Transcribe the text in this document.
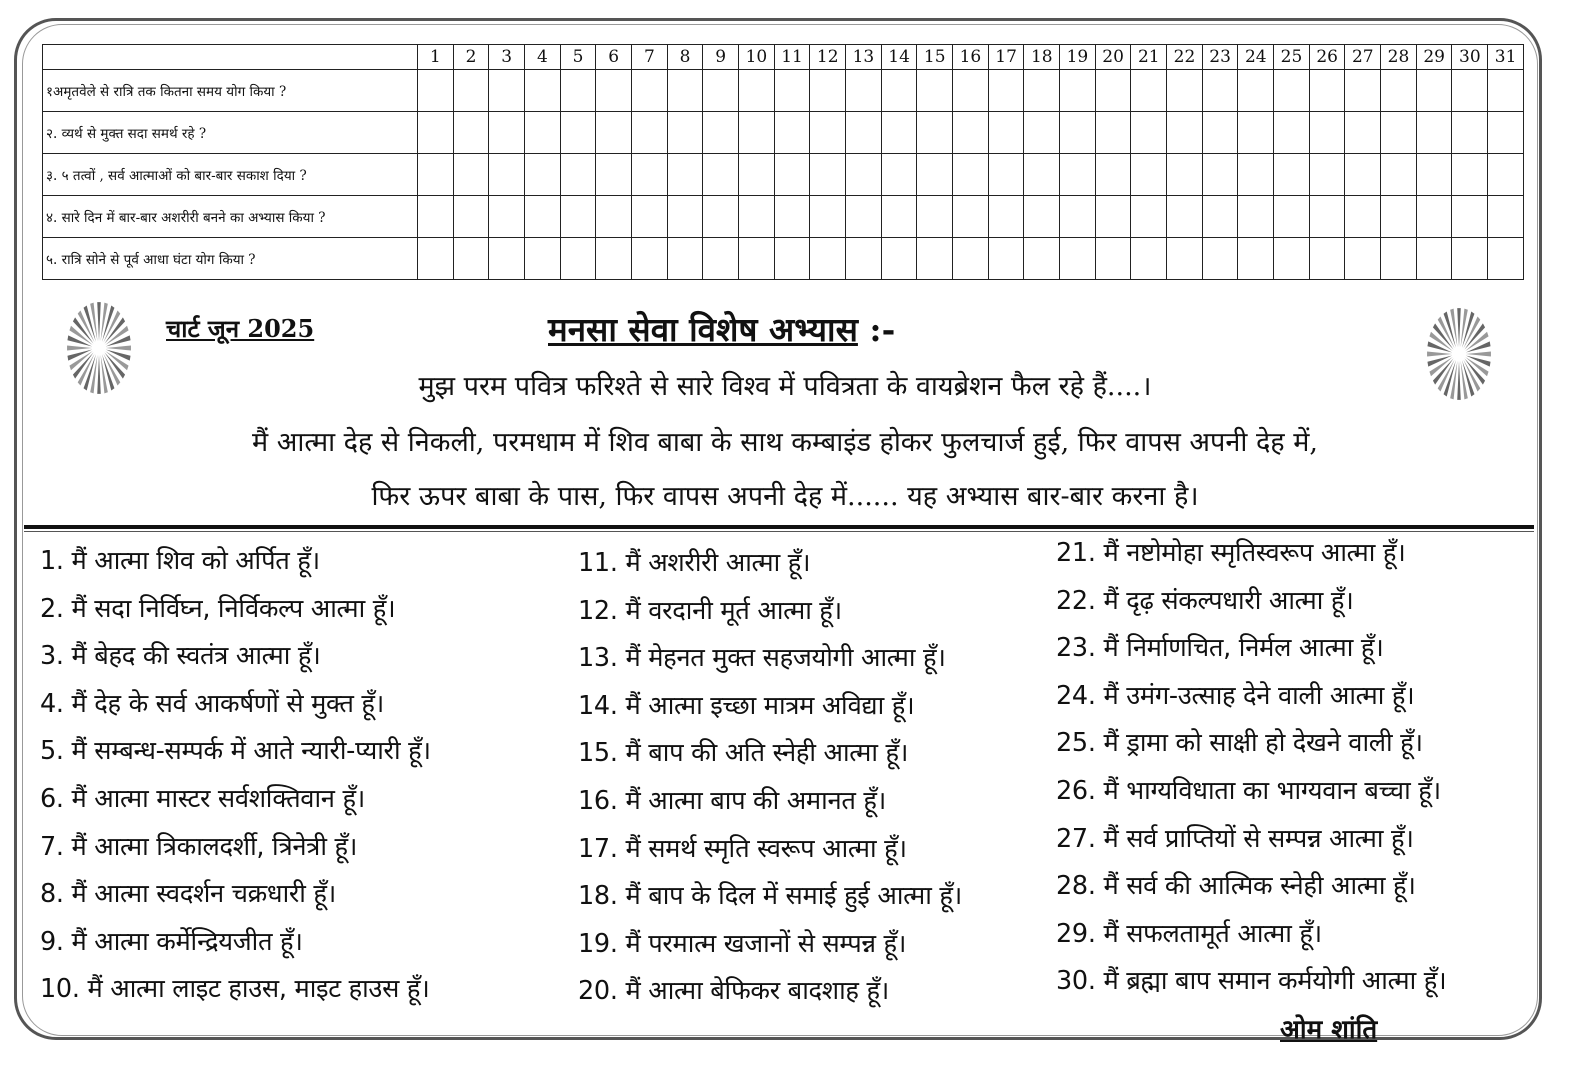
	1	2	3	4	5	6	7	8	9	10	11	12	13	14	15	16	17	18	19	20	21	22	23	24	25	26	27	28	29	30	31
१अमृतवेले से रात्रि तक कितना समय योग किया ?																															
२. व्यर्थ से मुक्त सदा समर्थ रहे ?																															
३. ५ तत्वों , सर्व आत्माओं को बार-बार सकाश दिया ?																															
४. सारे दिन में बार-बार अशरीरी बनने का अभ्यास किया ?																															
५. रात्रि सोने से पूर्व आधा घंटा योग किया ?																															
चार्ट जून 2025	मनसा सेवा विशेष अभ्यास :-
मुझ परम पवित्र फरिश्ते से सारे विश्व में पवित्रता के वायब्रेशन फैल रहे हैं....।
मैं आत्मा देह से निकली, परमधाम में शिव बाबा के साथ कम्बाइंड होकर फुलचार्ज हुई, फिर वापस अपनी देह में,
फिर ऊपर बाबा के पास, फिर वापस अपनी देह में...... यह अभ्यास बार-बार करना है।
1. मैं आत्मा शिव को अर्पित हूँ।
2. मैं सदा निर्विघ्न, निर्विकल्प आत्मा हूँ।
3. मैं बेहद की स्वतंत्र आत्मा हूँ।
4. मैं देह के सर्व आकर्षणों से मुक्त हूँ।
5. मैं सम्बन्ध-सम्पर्क में आते न्यारी-प्यारी हूँ।
6. मैं आत्मा मास्टर सर्वशक्तिवान हूँ।
7. मैं आत्मा त्रिकालदर्शी, त्रिनेत्री हूँ।
8. मैं आत्मा स्वदर्शन चक्रधारी हूँ।
9. मैं आत्मा कर्मेन्द्रियजीत हूँ।
10. मैं आत्मा लाइट हाउस, माइट हाउस हूँ।
11. मैं अशरीरी आत्मा हूँ।
12. मैं वरदानी मूर्त आत्मा हूँ।
13. मैं मेहनत मुक्त सहजयोगी आत्मा हूँ।
14. मैं आत्मा इच्छा मात्रम अविद्या हूँ।
15. मैं बाप की अति स्नेही आत्मा हूँ।
16. मैं आत्मा बाप की अमानत हूँ।
17. मैं समर्थ स्मृति स्वरूप आत्मा हूँ।
18. मैं बाप के दिल में समाई हुई आत्मा हूँ।
19. मैं परमात्म खजानों से सम्पन्न हूँ।
20. मैं आत्मा बेफिकर बादशाह हूँ।
21. मैं नष्टोमोहा स्मृतिस्वरूप आत्मा हूँ।
22. मैं दृढ़ संकल्पधारी आत्मा हूँ।
23. मैं निर्माणचित, निर्मल आत्मा हूँ।
24. मैं उमंग-उत्साह देने वाली आत्मा हूँ।
25. मैं ड्रामा को साक्षी हो देखने वाली हूँ।
26. मैं भाग्यविधाता का भाग्यवान बच्चा हूँ।
27. मैं सर्व प्राप्तियों से सम्पन्न आत्मा हूँ।
28. मैं सर्व की आत्मिक स्नेही आत्मा हूँ।
29. मैं सफलतामूर्त आत्मा हूँ।
30. मैं ब्रह्मा बाप समान कर्मयोगी आत्मा हूँ।
ओम शांति
